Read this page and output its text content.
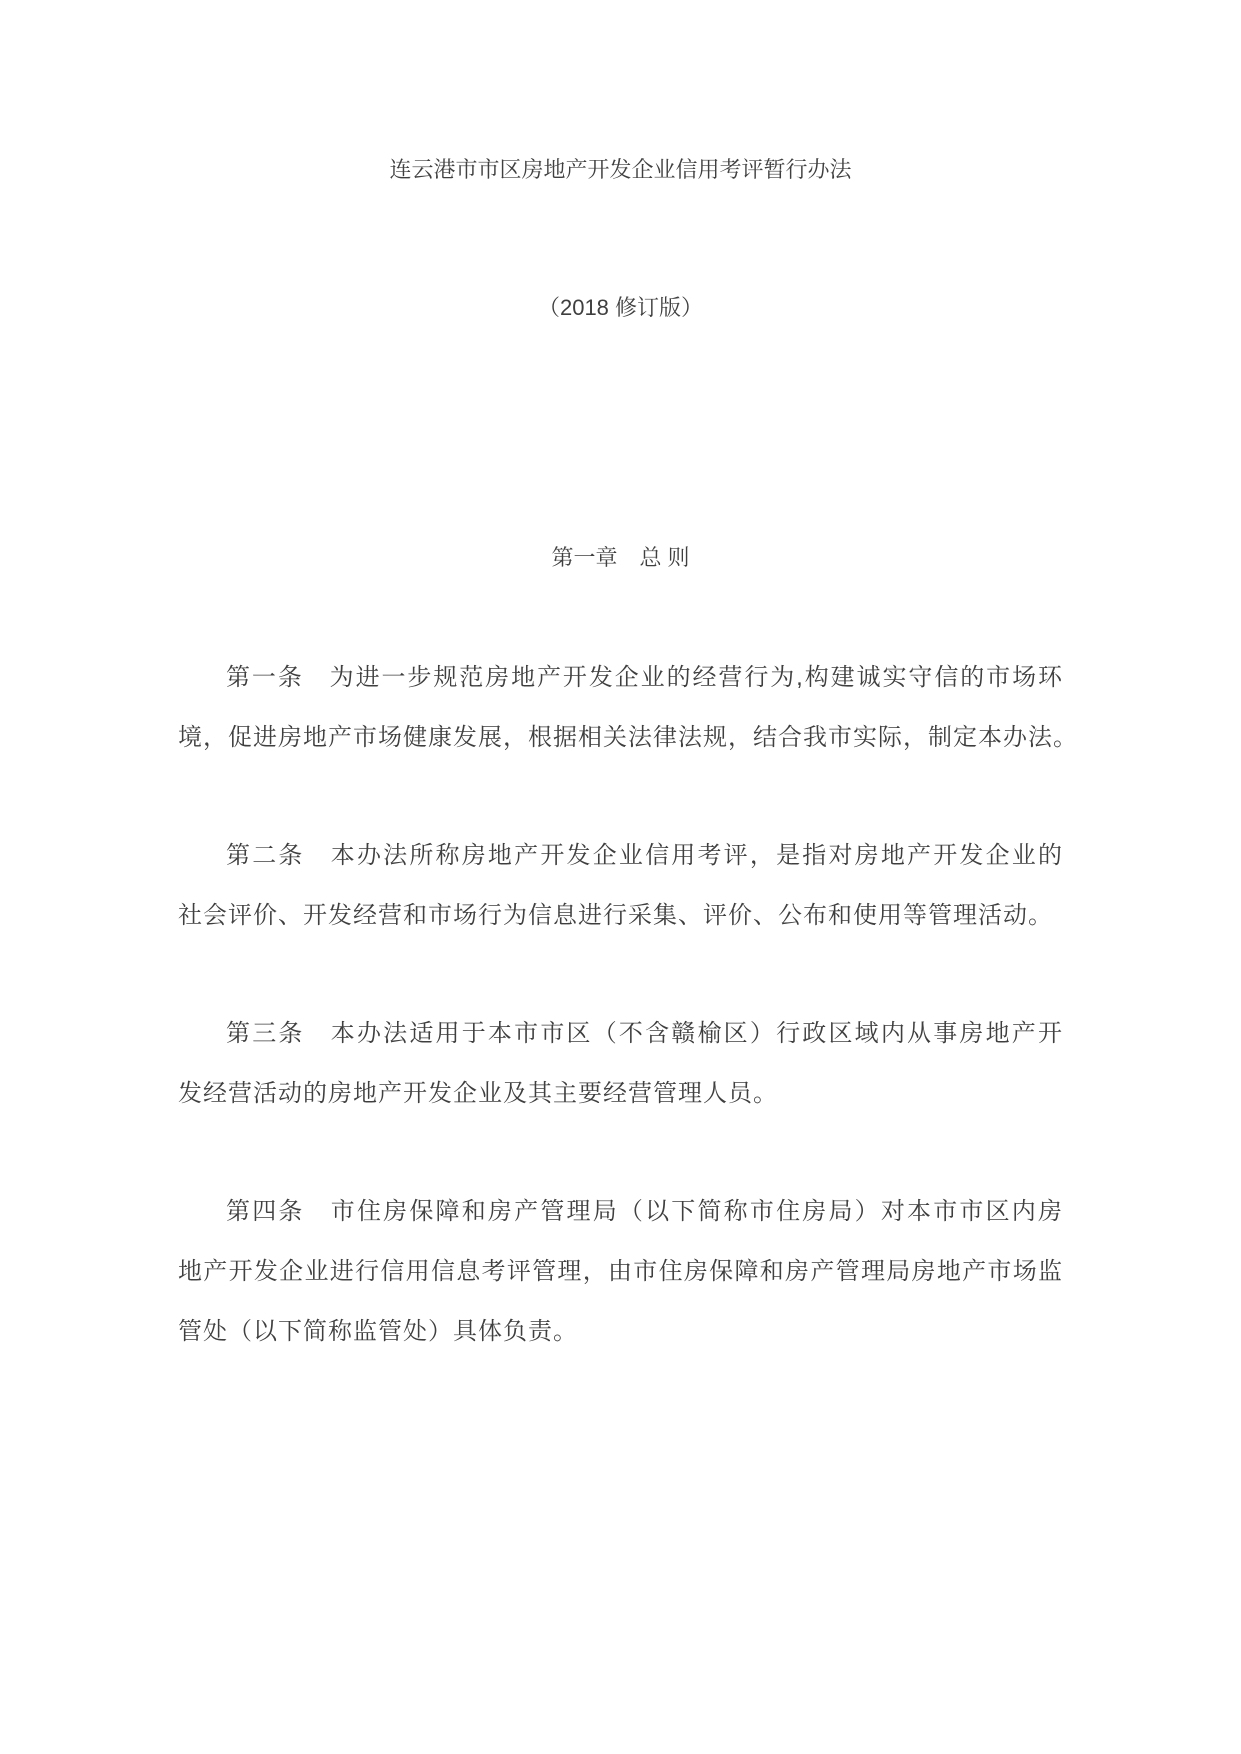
连云港市市区房地产开发企业信用考评暂行办法
（2018 修订版）
第一章　总 则
第一条　为进一步规范房地产开发企业的经营行为,构建诚实守信的市场环
境，促进房地产市场健康发展，根据相关法律法规，结合我市实际，制定本办法。
第二条　本办法所称房地产开发企业信用考评，是指对房地产开发企业的
社会评价、开发经营和市场行为信息进行采集、评价、公布和使用等管理活动。
第三条　本办法适用于本市市区（不含赣榆区）行政区域内从事房地产开
发经营活动的房地产开发企业及其主要经营管理人员。
第四条　市住房保障和房产管理局（以下简称市住房局）对本市市区内房
地产开发企业进行信用信息考评管理，由市住房保障和房产管理局房地产市场监
管处（以下简称监管处）具体负责。
